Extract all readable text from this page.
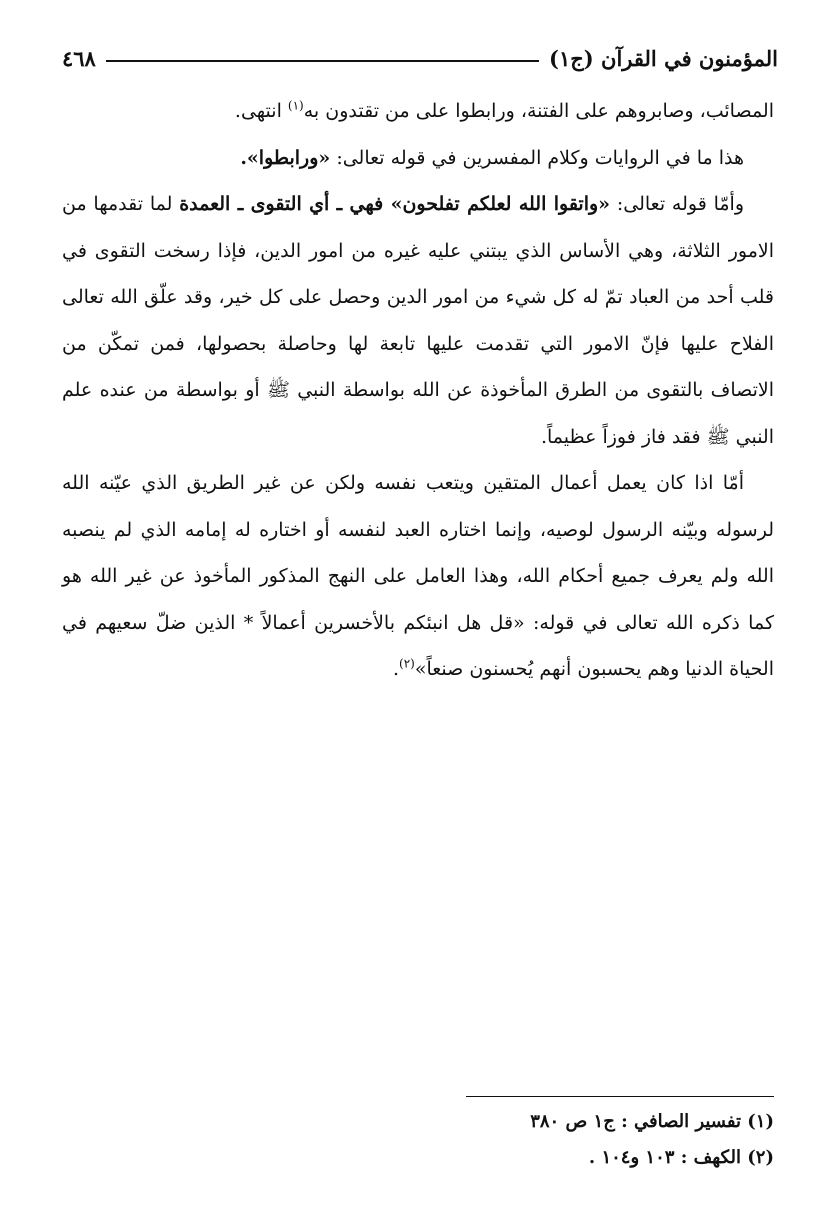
٤٦٨	المؤمنون في القرآن (ج١)

المصائب، وصابروهم على الفتنة، ورابطوا على من تقتدون به$^{(١)}$ انتهى.

هذا ما في الروايات وكلام المفسرين في قوله تعالى: «ورابطوا».

وأمّا قوله تعالى: «واتقوا الله لعلكم تفلحون» فهي ـ أي التقوى ـ العمدة لما تقدمها من الامور الثلاثة، وهي الأساس الذي يبتني عليه غيره من امور الدين، فإذا رسخت التقوى في قلب أحد من العباد تمّ له كل شيء من امور الدين وحصل على كل خير، وقد علّق الله تعالى الفلاح عليها فإنّ الامور التي تقدمت عليها تابعة لها وحاصلة بحصولها، فمن تمكّن من الاتصاف بالتقوى من الطرق المأخوذة عن الله بواسطة النبي ﷺ أو بواسطة من عنده علم النبي ﷺ فقد فاز فوزاً عظيماً.

أمّا اذا كان يعمل أعمال المتقين ويتعب نفسه ولكن عن غير الطريق الذي عيّنه الله لرسوله وبيّنه الرسول لوصيه، وإنما اختاره العبد لنفسه أو اختاره له إمامه الذي لم ينصبه الله ولم يعرف جميع أحكام الله، وهذا العامل على النهج المذكور المأخوذ عن غير الله هو كما ذكره الله تعالى في قوله: «قل هل انبئكم بالأخسرين أعمالاً * الذين ضلّ سعيهم في الحياة الدنيا وهم يحسبون أنهم يُحسنون صنعاً»$^{(٢)}$.

(١) تفسير الصافي : ج١ ص ٣٨٠

(٢) الكهف : ١٠٣ و١٠٤ .
